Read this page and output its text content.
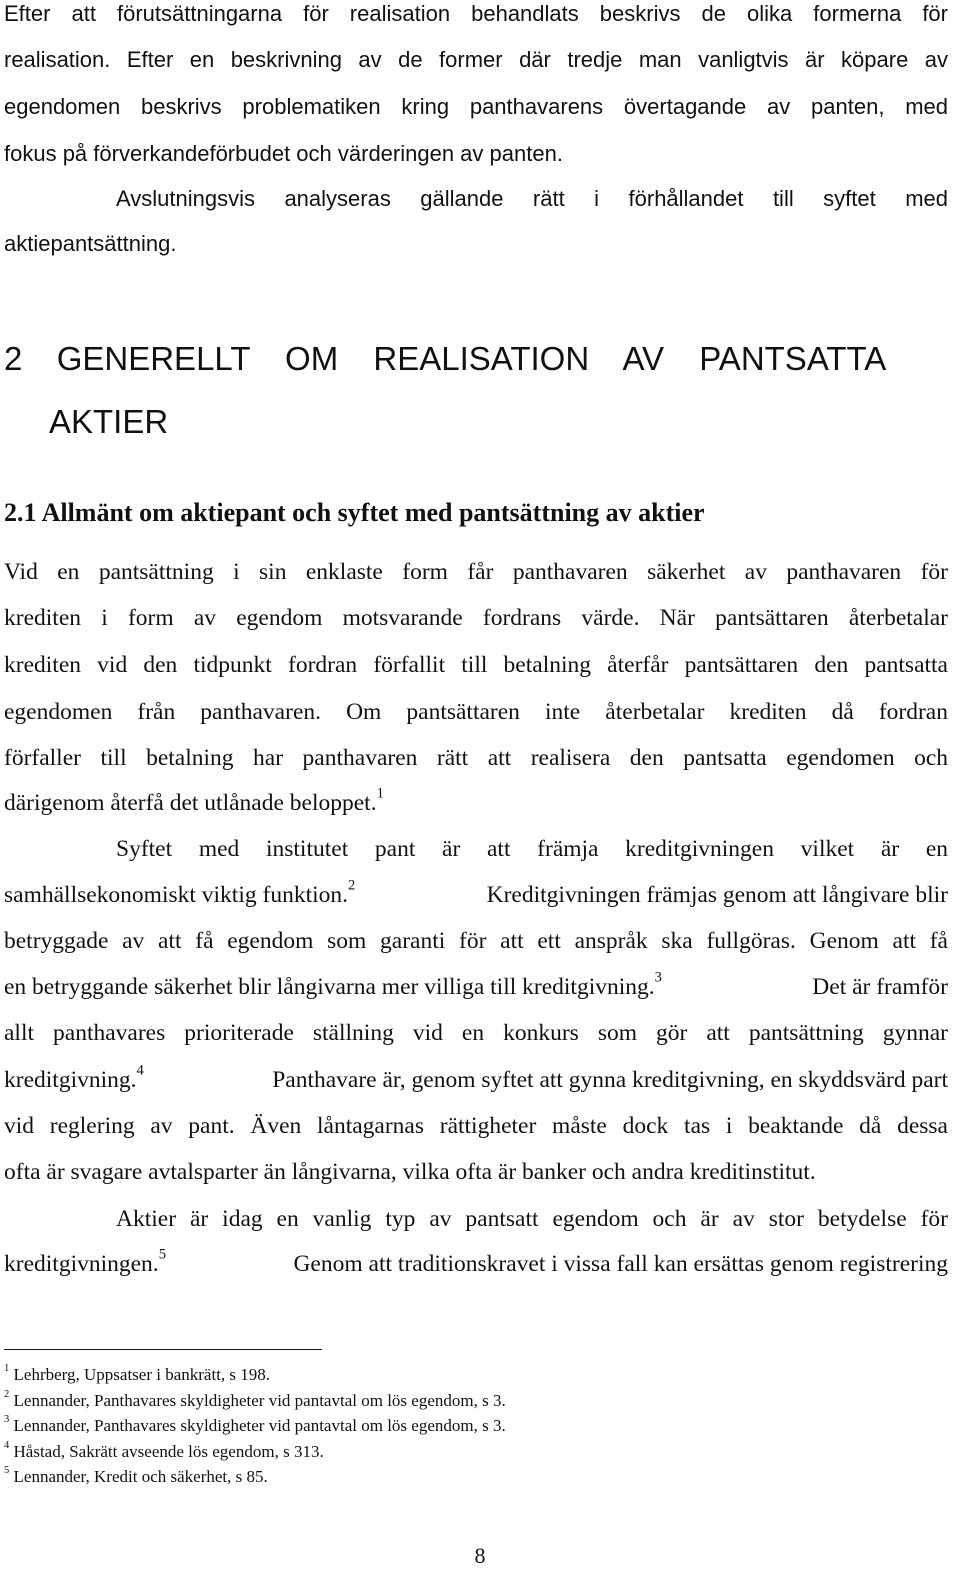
Efter att förutsättningarna för realisation behandlats beskrivs de olika formerna för
realisation. Efter en beskrivning av de former där tredje man vanligtvis är köpare av
egendomen beskrivs problematiken kring panthavarens övertagande av panten, med
fokus på förverkandeförbudet och värderingen av panten.
Avslutningsvis analyseras gällande rätt i förhållandet till syftet med
aktiepantsättning.
2 GENERELLT OM REALISATION AV PANTSATTA
AKTIER
2.1 Allmänt om aktiepant och syftet med pantsättning av aktier
Vid en pantsättning i sin enklaste form får panthavaren säkerhet av panthavaren för
krediten i form av egendom motsvarande fordrans värde. När pantsättaren återbetalar
krediten vid den tidpunkt fordran förfallit till betalning återfår pantsättaren den pantsatta
egendomen från panthavaren. Om pantsättaren inte återbetalar krediten då fordran
förfaller till betalning har panthavaren rätt att realisera den pantsatta egendomen och
därigenom återfå det utlånade beloppet.$^1$
Syftet med institutet pant är att främja kreditgivningen vilket är en
samhällsekonomiskt viktig funktion.$^2$	Kreditgivningen främjas genom att långivare blir
betryggade av att få egendom som garanti för att ett anspråk ska fullgöras. Genom att få
en betryggande säkerhet blir långivarna mer villiga till kreditgivning.$^3$	Det är framför
allt panthavares prioriterade ställning vid en konkurs som gör att pantsättning gynnar
kreditgivning.$^4$	Panthavare är, genom syftet att gynna kreditgivning, en skyddsvärd part
vid reglering av pant. Även låntagarnas rättigheter måste dock tas i beaktande då dessa
ofta är svagare avtalsparter än långivarna, vilka ofta är banker och andra kreditinstitut.
Aktier är idag en vanlig typ av pantsatt egendom och är av stor betydelse för
kreditgivningen.$^5$	Genom att traditionskravet i vissa fall kan ersättas genom registrering
$^1$ Lehrberg, Uppsatser i bankrätt, s 198.
$^2$ Lennander, Panthavares skyldigheter vid pantavtal om lös egendom, s 3.
$^3$ Lennander, Panthavares skyldigheter vid pantavtal om lös egendom, s 3.
$^4$ Håstad, Sakrätt avseende lös egendom, s 313.
$^5$ Lennander, Kredit och säkerhet, s 85.
8
